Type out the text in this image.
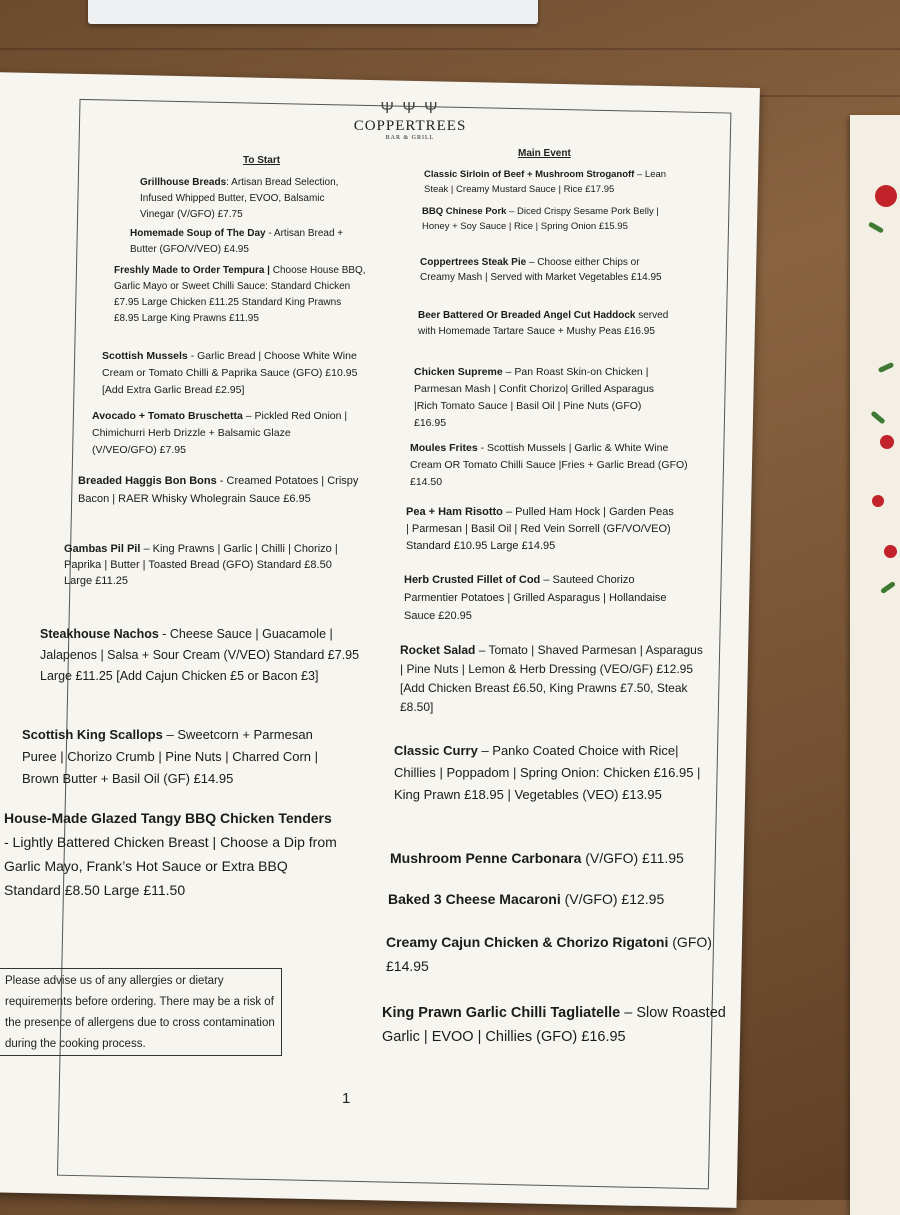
Ψ Ψ Ψ
COPPERTREES
BAR & GRILL
To Start
Main Event
Grillhouse Breads: Artisan Bread Selection, Infused Whipped Butter, EVOO, Balsamic Vinegar (V/GFO) £7.75
Homemade Soup of The Day - Artisan Bread + Butter (GFO/V/VEO) £4.95
Freshly Made to Order Tempura | Choose House BBQ, Garlic Mayo or Sweet Chilli Sauce: Standard Chicken £7.95 Large Chicken £11.25 Standard King Prawns £8.95 Large King Prawns £11.95
Scottish Mussels - Garlic Bread | Choose White Wine Cream or Tomato Chilli & Paprika Sauce (GFO) £10.95 [Add Extra Garlic Bread £2.95]
Avocado + Tomato Bruschetta – Pickled Red Onion | Chimichurri Herb Drizzle + Balsamic Glaze (V/VEO/GFO) £7.95
Breaded Haggis Bon Bons - Creamed Potatoes | Crispy Bacon | RAER Whisky Wholegrain Sauce £6.95
Gambas Pil Pil – King Prawns | Garlic | Chilli | Chorizo | Paprika | Butter | Toasted Bread (GFO) Standard £8.50 Large £11.25
Steakhouse Nachos - Cheese Sauce | Guacamole | Jalapenos | Salsa + Sour Cream (V/VEO) Standard £7.95 Large £11.25 [Add Cajun Chicken £5 or Bacon £3]
Scottish King Scallops – Sweetcorn + Parmesan Puree | Chorizo Crumb | Pine Nuts | Charred Corn | Brown Butter + Basil Oil (GF) £14.95
House-Made Glazed Tangy BBQ Chicken Tenders - Lightly Battered Chicken Breast | Choose a Dip from Garlic Mayo, Frank’s Hot Sauce or Extra BBQ Standard £8.50 Large £11.50
Classic Sirloin of Beef + Mushroom Stroganoff – Lean Steak | Creamy Mustard Sauce | Rice £17.95
BBQ Chinese Pork – Diced Crispy Sesame Pork Belly | Honey + Soy Sauce | Rice | Spring Onion £15.95
Coppertrees Steak Pie – Choose either Chips or Creamy Mash | Served with Market Vegetables £14.95
Beer Battered Or Breaded Angel Cut Haddock served with Homemade Tartare Sauce + Mushy Peas £16.95
Chicken Supreme – Pan Roast Skin-on Chicken | Parmesan Mash | Confit Chorizo| Grilled Asparagus |Rich Tomato Sauce | Basil Oil | Pine Nuts (GFO) £16.95
Moules Frites - Scottish Mussels | Garlic & White Wine Cream OR Tomato Chilli Sauce |Fries + Garlic Bread (GFO) £14.50
Pea + Ham Risotto – Pulled Ham Hock | Garden Peas | Parmesan | Basil Oil | Red Vein Sorrell (GF/VO/VEO) Standard £10.95 Large £14.95
Herb Crusted Fillet of Cod – Sauteed Chorizo Parmentier Potatoes | Grilled Asparagus | Hollandaise Sauce £20.95
Rocket Salad – Tomato | Shaved Parmesan | Asparagus | Pine Nuts | Lemon & Herb Dressing (VEO/GF) £12.95 [Add Chicken Breast £6.50, King Prawns £7.50, Steak £8.50]
Classic Curry – Panko Coated Choice with Rice| Chillies | Poppadom | Spring Onion: Chicken £16.95 | King Prawn £18.95 | Vegetables (VEO) £13.95
Mushroom Penne Carbonara (V/GFO) £11.95
Baked 3 Cheese Macaroni (V/GFO) £12.95
Creamy Cajun Chicken & Chorizo Rigatoni (GFO) £14.95
King Prawn Garlic Chilli Tagliatelle – Slow Roasted Garlic | EVOO | Chillies (GFO) £16.95
Please advise us of any allergies or dietary requirements before ordering. There may be a risk of the presence of allergens due to cross contamination during the cooking process.
1
